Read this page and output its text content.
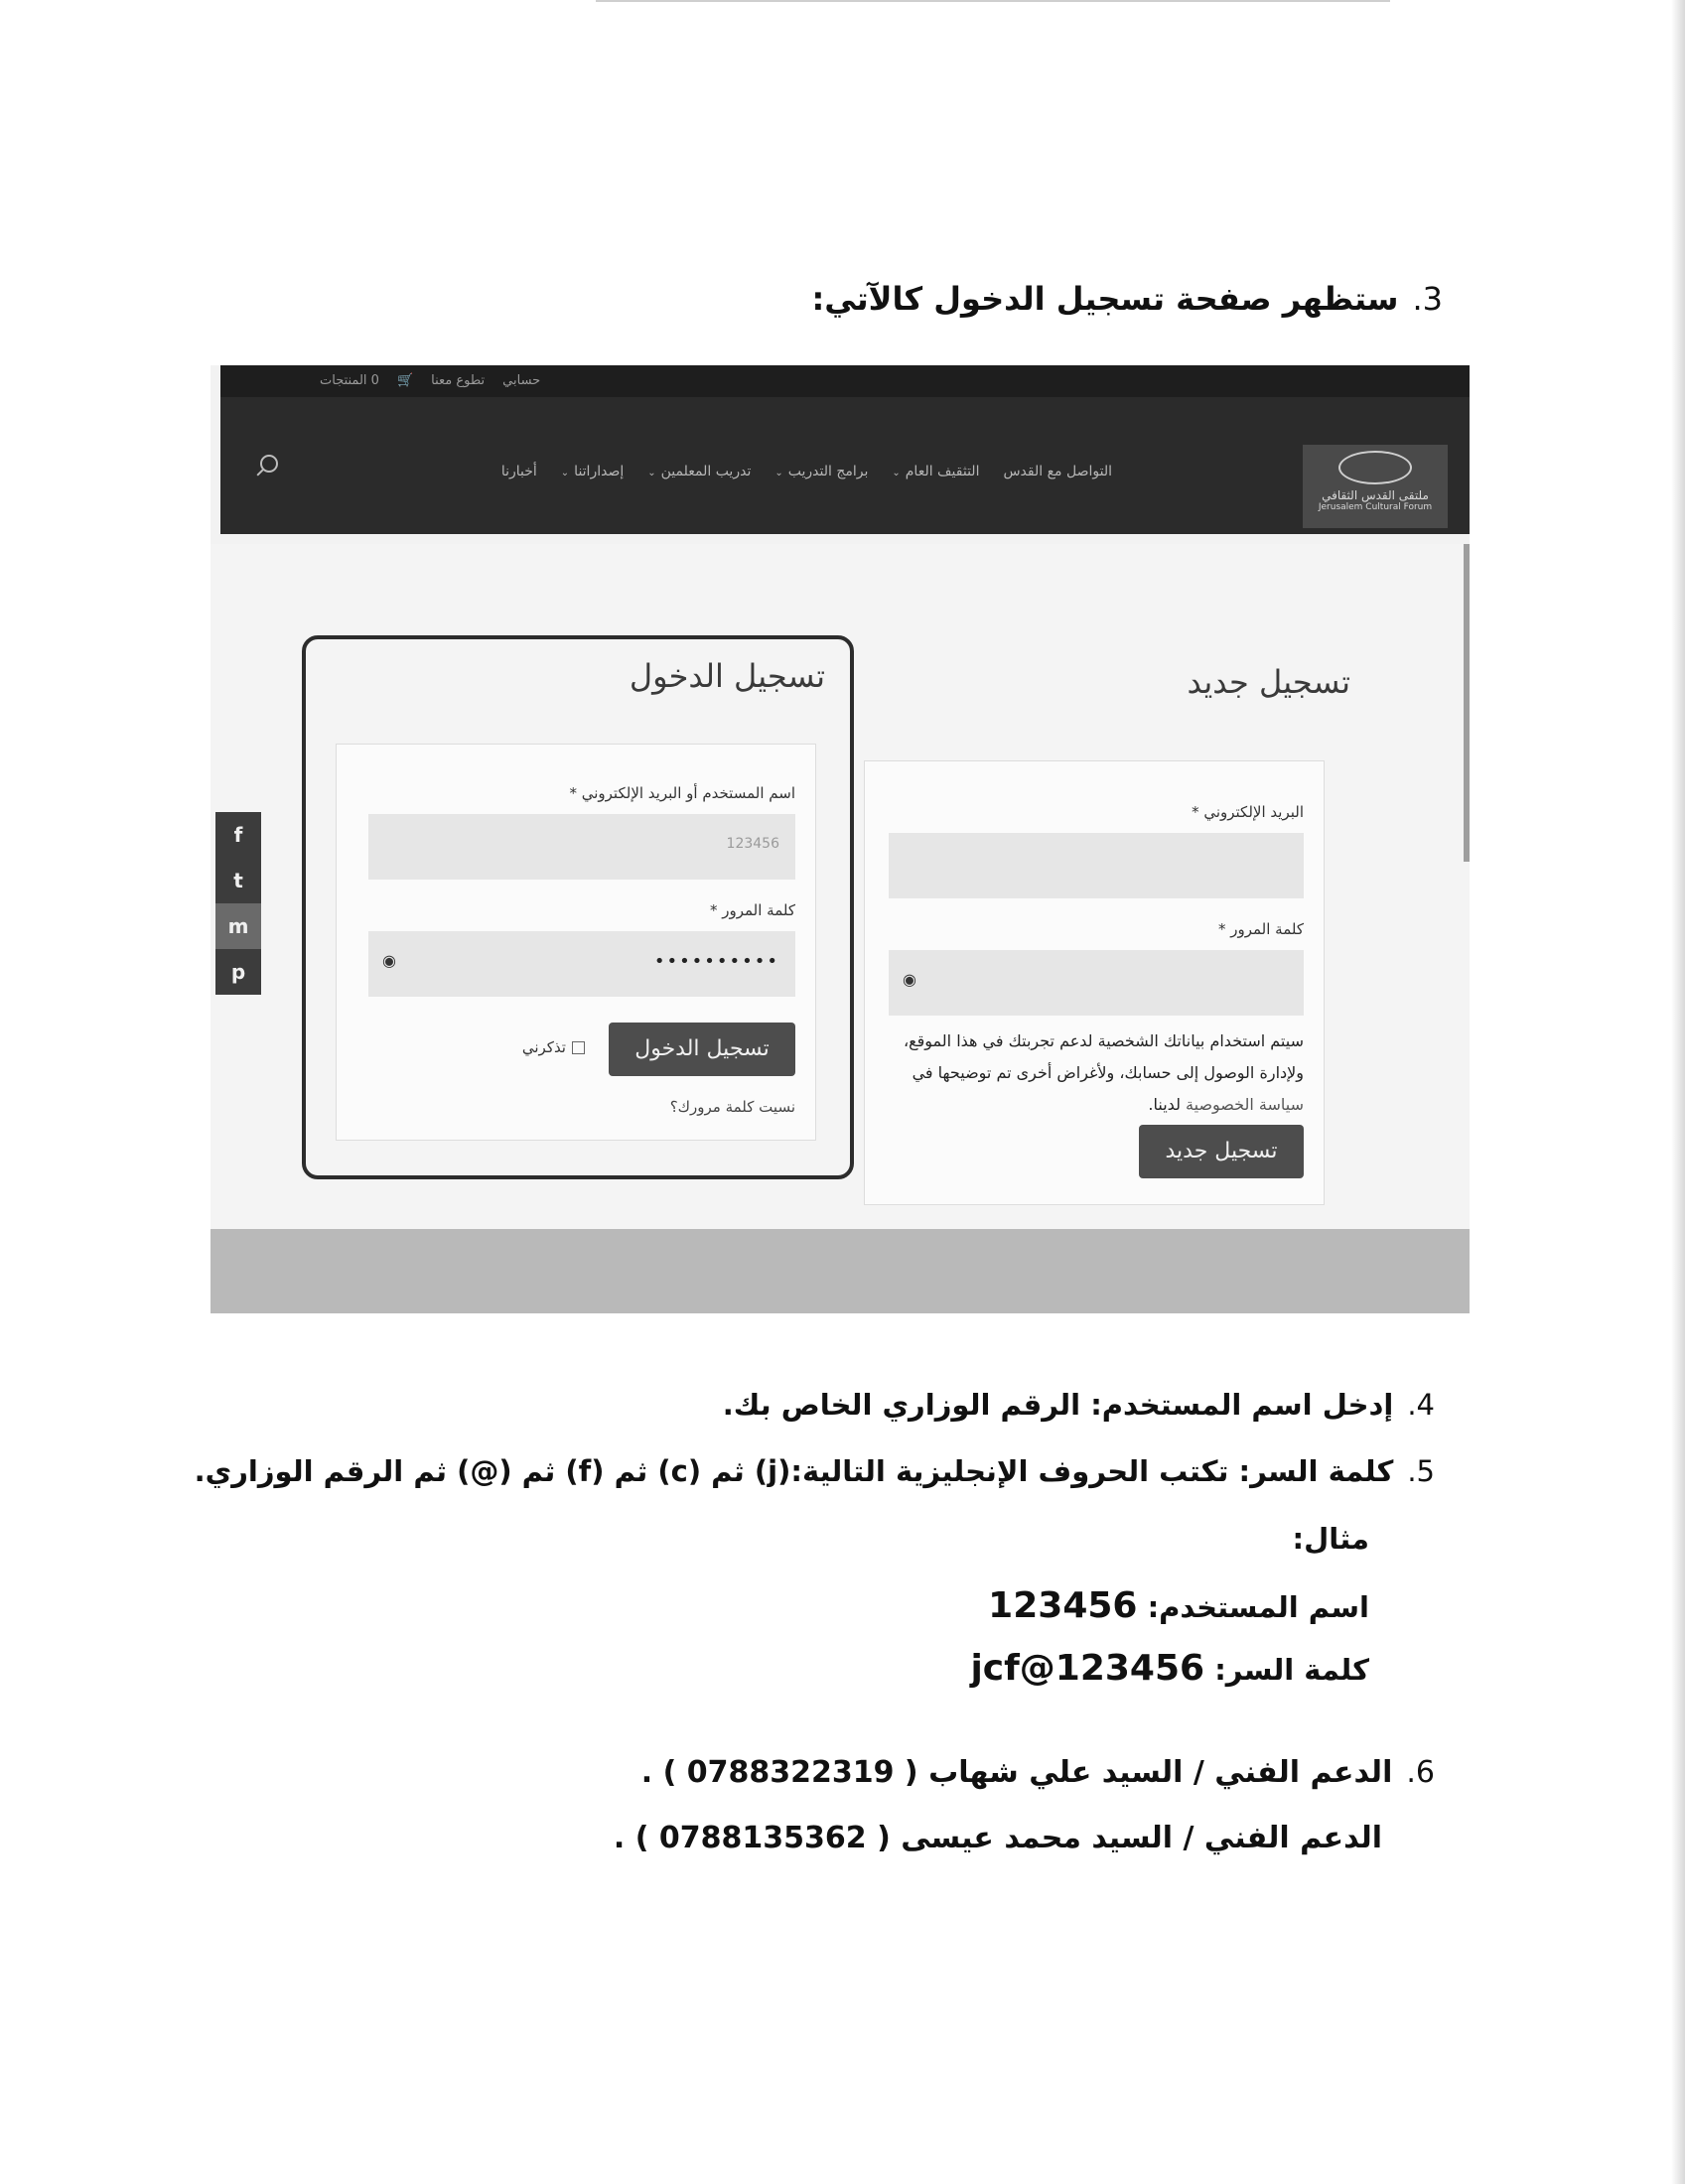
3.ستظهر صفحة تسجيل الدخول كالآتي:
حسابي
تطوع معنا
🛒
0 المنتجات
ملتقى القدس الثقافي
Jerusalem Cultural Forum
التواصل مع القدس
التثقيف العام⌄
برامج التدريب⌄
تدريب المعلمين⌄
إصداراتنا⌄
أخبارنا
تسجيل جديد
البريد الإلكتروني *
كلمة المرور *
◉
سيتم استخدام بياناتك الشخصية لدعم تجربتك في هذا الموقع، ولإدارة الوصول إلى حسابك، ولأغراض أخرى تم توضيحها في سياسة الخصوصية لدينا.
تسجيل جديد
تسجيل الدخول
اسم المستخدم أو البريد الإلكتروني *
123456
كلمة المرور *
••••••••••
◉
تسجيل الدخول
تذكرني
نسيت كلمة مرورك؟
f
t
m
p
4.إدخل اسم المستخدم: الرقم الوزاري الخاص بك.
5.كلمة السر: تكتب الحروف الإنجليزية التالية:(j) ثم (c) ثم (f) ثم (@) ثم الرقم الوزاري.
مثال:
اسم المستخدم: 123456
كلمة السر: jcf@123456
6.الدعم الفني / السيد علي شهاب ( 0788322319 ) .
الدعم الفني / السيد محمد عيسى ( 0788135362 ) .
